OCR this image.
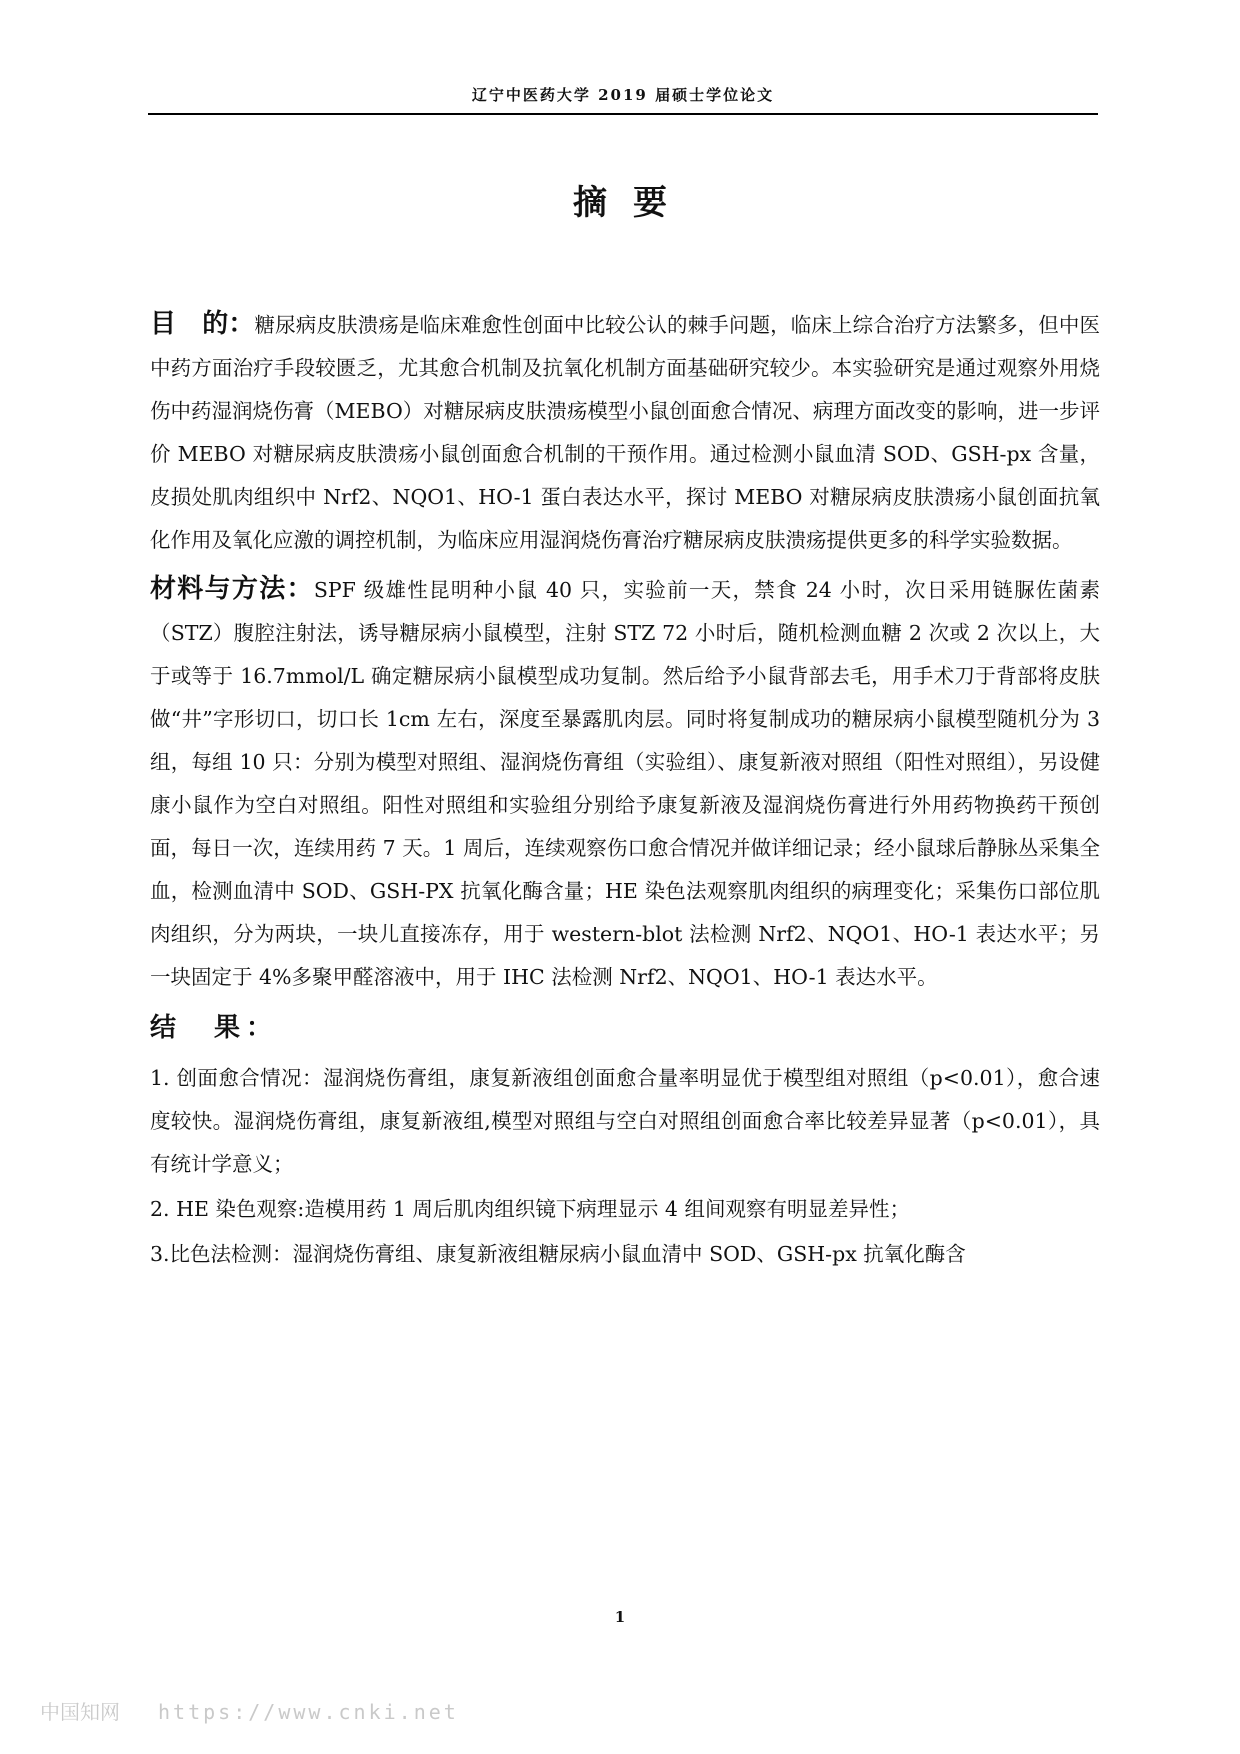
辽宁中医药大学 2019 届硕士学位论文
摘要

目　的：糖尿病皮肤溃疡是临床难愈性创面中比较公认的棘手问题，临床上综合治疗方法繁多，但中医中药方面治疗手段较匮乏，尤其愈合机制及抗氧化机制方面基础研究较少。本实验研究是通过观察外用烧伤中药湿润烧伤膏（MEBO）对糖尿病皮肤溃疡模型小鼠创面愈合情况、病理方面改变的影响，进一步评价 MEBO 对糖尿病皮肤溃疡小鼠创面愈合机制的干预作用。通过检测小鼠血清 SOD、GSH-px 含量，皮损处肌肉组织中 Nrf2、NQO1、HO-1 蛋白表达水平，探讨 MEBO 对糖尿病皮肤溃疡小鼠创面抗氧化作用及氧化应激的调控机制，为临床应用湿润烧伤膏治疗糖尿病皮肤溃疡提供更多的科学实验数据。

材料与方法：SPF 级雄性昆明种小鼠 40 只，实验前一天，禁食 24 小时，次日采用链脲佐菌素（STZ）腹腔注射法，诱导糖尿病小鼠模型，注射 STZ 72 小时后，随机检测血糖 2 次或 2 次以上，大于或等于 16.7mmol/L 确定糖尿病小鼠模型成功复制。然后给予小鼠背部去毛，用手术刀于背部将皮肤做“井”字形切口，切口长 1cm 左右，深度至暴露肌肉层。同时将复制成功的糖尿病小鼠模型随机分为 3 组，每组 10 只：分别为模型对照组、湿润烧伤膏组（实验组）、康复新液对照组（阳性对照组），另设健康小鼠作为空白对照组。阳性对照组和实验组分别给予康复新液及湿润烧伤膏进行外用药物换药干预创面，每日一次，连续用药 7 天。1 周后，连续观察伤口愈合情况并做详细记录；经小鼠球后静脉丛采集全血，检测血清中 SOD、GSH-PX 抗氧化酶含量；HE 染色法观察肌肉组织的病理变化；采集伤口部位肌肉组织，分为两块，一块儿直接冻存，用于 western-blot 法检测 Nrf2、NQO1、HO-1 表达水平；另一块固定于 4%多聚甲醛溶液中，用于 IHC 法检测 Nrf2、NQO1、HO-1 表达水平。

结　果：

1. 创面愈合情况：湿润烧伤膏组，康复新液组创面愈合量率明显优于模型组对照组（p<0.01），愈合速度较快。湿润烧伤膏组，康复新液组,模型对照组与空白对照组创面愈合率比较差异显著（p<0.01），具有统计学意义；

2. HE 染色观察:造模用药 1 周后肌肉组织镜下病理显示 4 组间观察有明显差异性；

3.比色法检测：湿润烧伤膏组、康复新液组糖尿病小鼠血清中 SOD、GSH-px 抗氧化酶含

1
中国知网 https://www.cnki.net
